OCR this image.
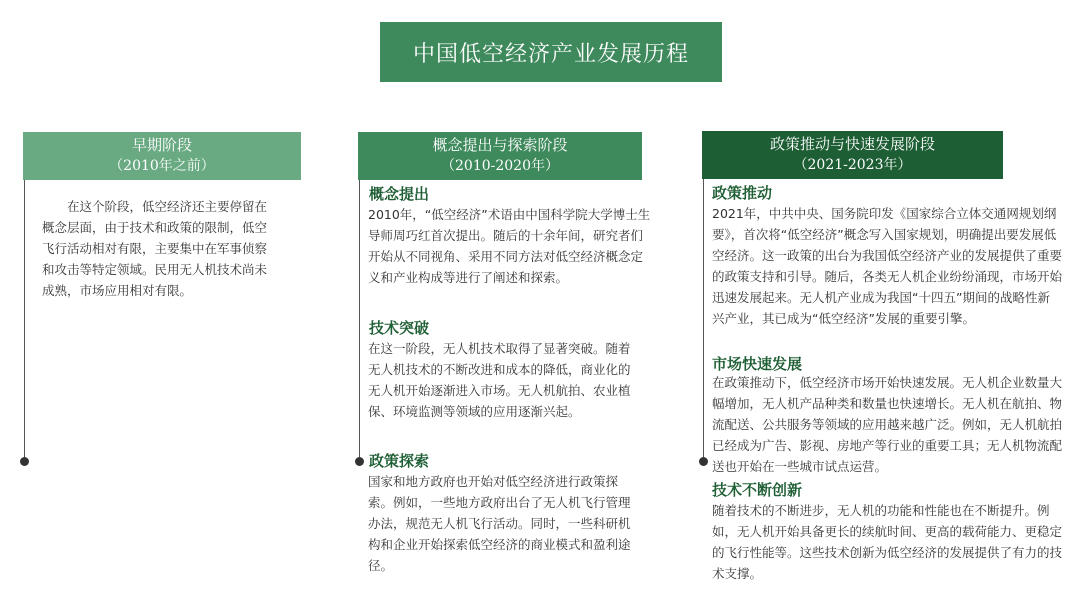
中国低空经济产业发展历程
早期阶段
（2010年之前）
在这个阶段，低空经济还主要停留在概念层面，由于技术和政策的限制，低空飞行活动相对有限，主要集中在军事侦察和攻击等特定领域。民用无人机技术尚未成熟，市场应用相对有限。
概念提出与探索阶段
（2010-2020年）
概念提出
2010年，“低空经济”术语由中国科学院大学博士生导师周巧红首次提出。随后的十余年间，研究者们开始从不同视角、采用不同方法对低空经济概念定义和产业构成等进行了阐述和探索。
技术突破
在这一阶段，无人机技术取得了显著突破。随着无人机技术的不断改进和成本的降低，商业化的无人机开始逐渐进入市场。无人机航拍、农业植保、环境监测等领域的应用逐渐兴起。
政策探索
国家和地方政府也开始对低空经济进行政策探索。例如，一些地方政府出台了无人机飞行管理办法，规范无人机飞行活动。同时，一些科研机构和企业开始探索低空经济的商业模式和盈利途径。
政策推动与快速发展阶段
（2021-2023年）
政策推动
2021年，中共中央、国务院印发《国家综合立体交通网规划纲要》，首次将“低空经济”概念写入国家规划，明确提出要发展低空经济。这一政策的出台为我国低空经济产业的发展提供了重要的政策支持和引导。随后，各类无人机企业纷纷涌现，市场开始迅速发展起来。无人机产业成为我国“十四五”期间的战略性新兴产业，其已成为“低空经济”发展的重要引擎。
市场快速发展
在政策推动下，低空经济市场开始快速发展。无人机企业数量大幅增加，无人机产品种类和数量也快速增长。无人机在航拍、物流配送、公共服务等领域的应用越来越广泛。例如，无人机航拍已经成为广告、影视、房地产等行业的重要工具；无人机物流配送也开始在一些城市试点运营。
技术不断创新
随着技术的不断进步，无人机的功能和性能也在不断提升。例如，无人机开始具备更长的续航时间、更高的载荷能力、更稳定的飞行性能等。这些技术创新为低空经济的发展提供了有力的技术支撑。
